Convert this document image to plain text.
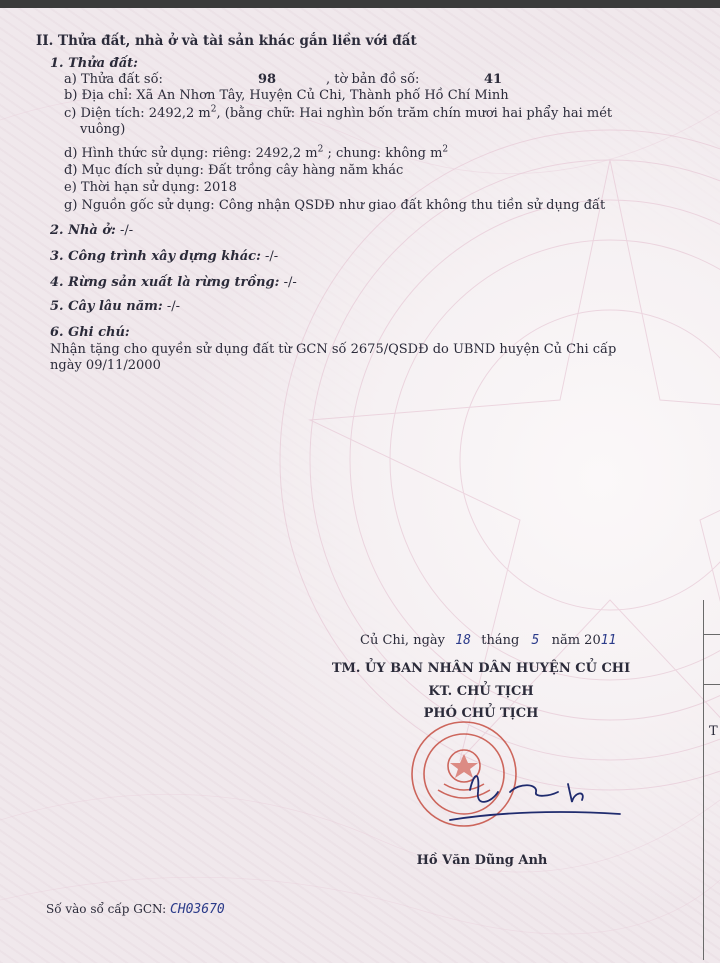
II. Thửa đất, nhà ở và tài sản khác gắn liền với đất
1. Thửa đất:
a) Thửa đất số:	98	, tờ bản đồ số:	41
b) Địa chỉ: Xã An Nhơn Tây, Huyện Củ Chi, Thành phố Hồ Chí Minh
c) Diện tích: 2492,2 $m^2$, (bằng chữ: Hai nghìn bốn trăm chín mươi hai phẩy hai mét
vuông)
d) Hình thức sử dụng: riêng: 2492,2 $m^2$ ; chung: không $m^2$
đ) Mục đích sử dụng: Đất trồng cây hàng năm khác
e) Thời hạn sử dụng: 2018
g) Nguồn gốc sử dụng: Công nhận QSDĐ như giao đất không thu tiền sử dụng đất
2. Nhà ở: -/-
3. Công trình xây dựng khác: -/-
4. Rừng sản xuất là rừng trồng: -/-
5. Cây lâu năm: -/-
6. Ghi chú:
Nhận tặng cho quyền sử dụng đất từ GCN số 2675/QSDĐ do UBND huyện Củ Chi cấp
ngày 09/11/2000
Củ Chi, ngày 18 tháng 5 năm 2011
TM. ỦY BAN NHÂN DÂN HUYỆN CỦ CHI
KT. CHỦ TỊCH
PHÓ CHỦ TỊCH
Hồ Văn Dũng Anh
Số vào sổ cấp GCN: CH03670
T
